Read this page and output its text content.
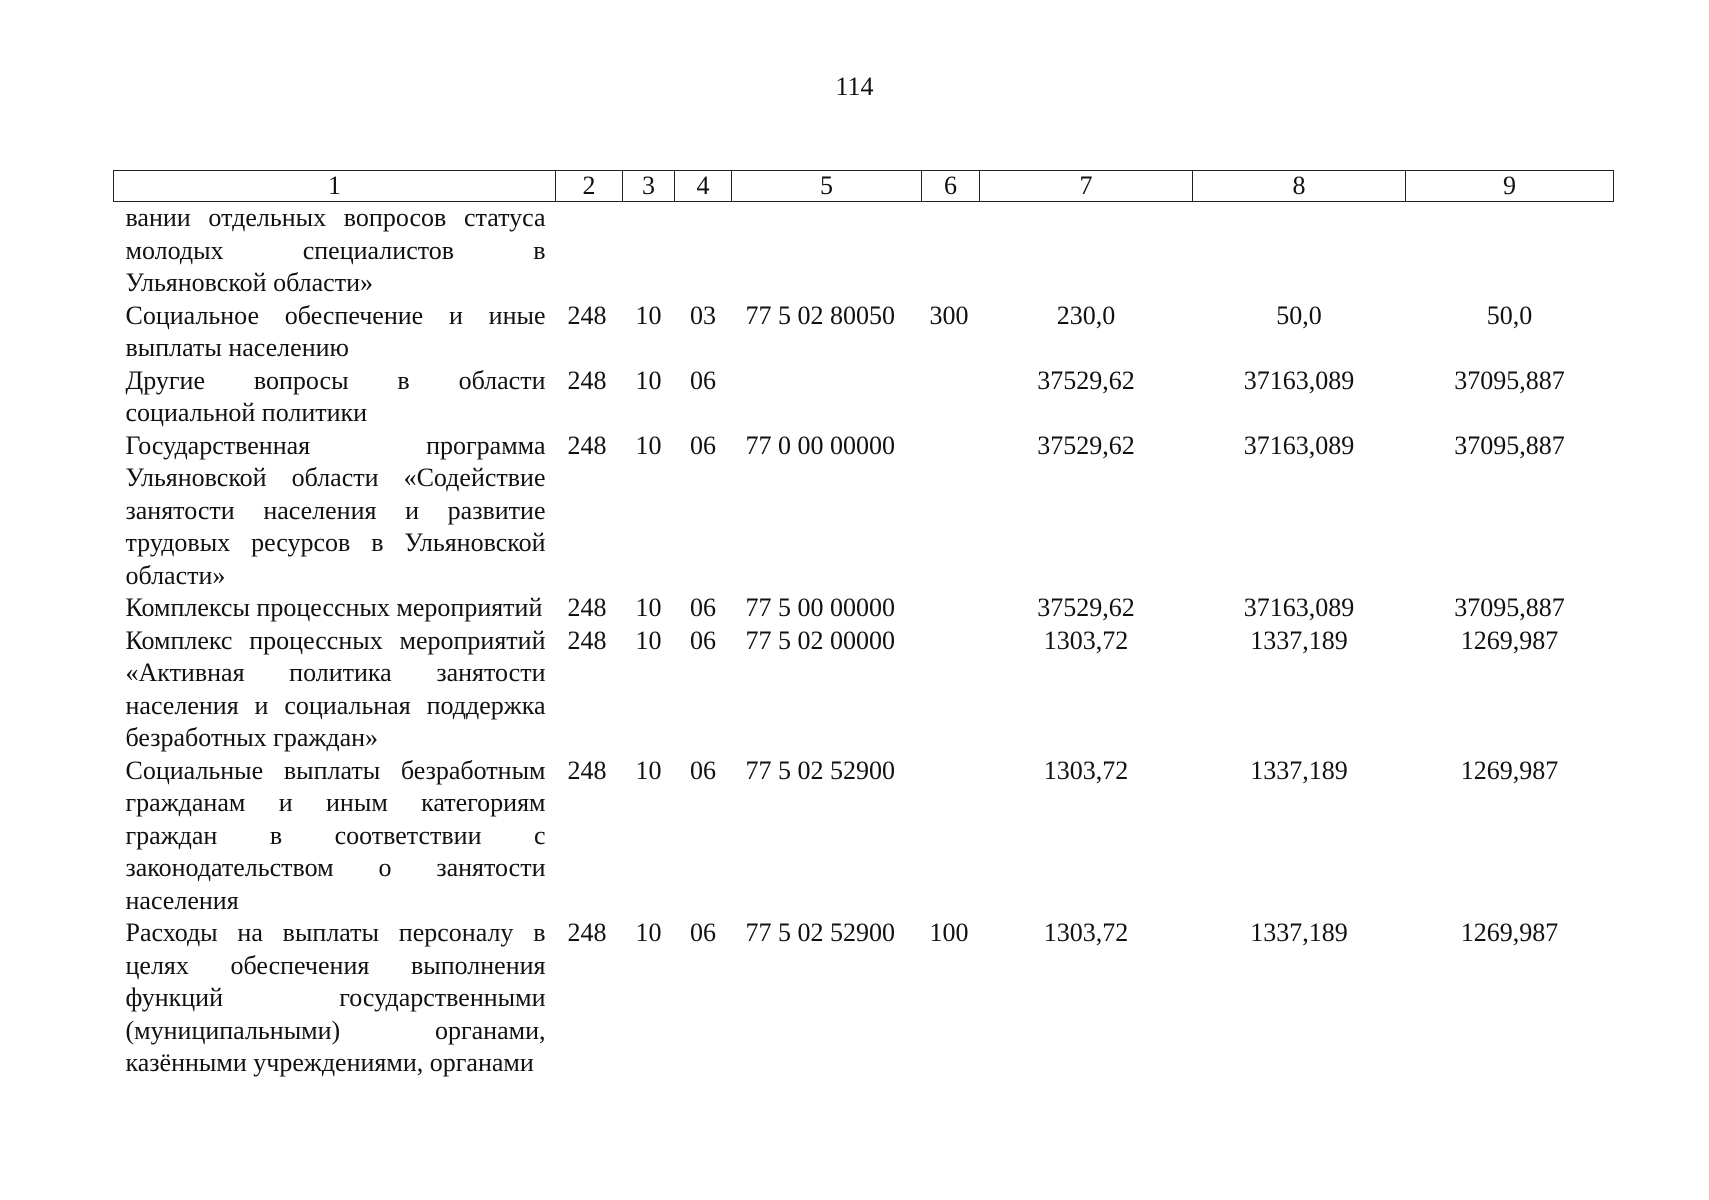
114
1	2	3	4	5	6	7	8	9
вании отдельных вопросов статуса молодых специалистов в Ульяновской области»								
Социальное обеспечение и иные выплаты населению	248	10	03	77 5 02 80050	300	230,0	50,0	50,0
Другие вопросы в области социальной политики	248	10	06			37529,62	37163,089	37095,887
Государственная программа Ульяновской области «Содействие занятости населения и развитие трудовых ресурсов в Ульяновской области»	248	10	06	77 0 00 00000		37529,62	37163,089	37095,887
Комплексы процессных мероприятий	248	10	06	77 5 00 00000		37529,62	37163,089	37095,887
Комплекс процессных мероприятий «Активная политика занятости населения и социальная поддержка безработных граждан»	248	10	06	77 5 02 00000		1303,72	1337,189	1269,987
Социальные выплаты безработным гражданам и иным категориям граждан в соответствии с законодательством о занятости населения	248	10	06	77 5 02 52900		1303,72	1337,189	1269,987
Расходы на выплаты персоналу в целях обеспечения выполнения функций государственными (муниципальными) органами, казёнными учреждениями, органами	248	10	06	77 5 02 52900	100	1303,72	1337,189	1269,987
